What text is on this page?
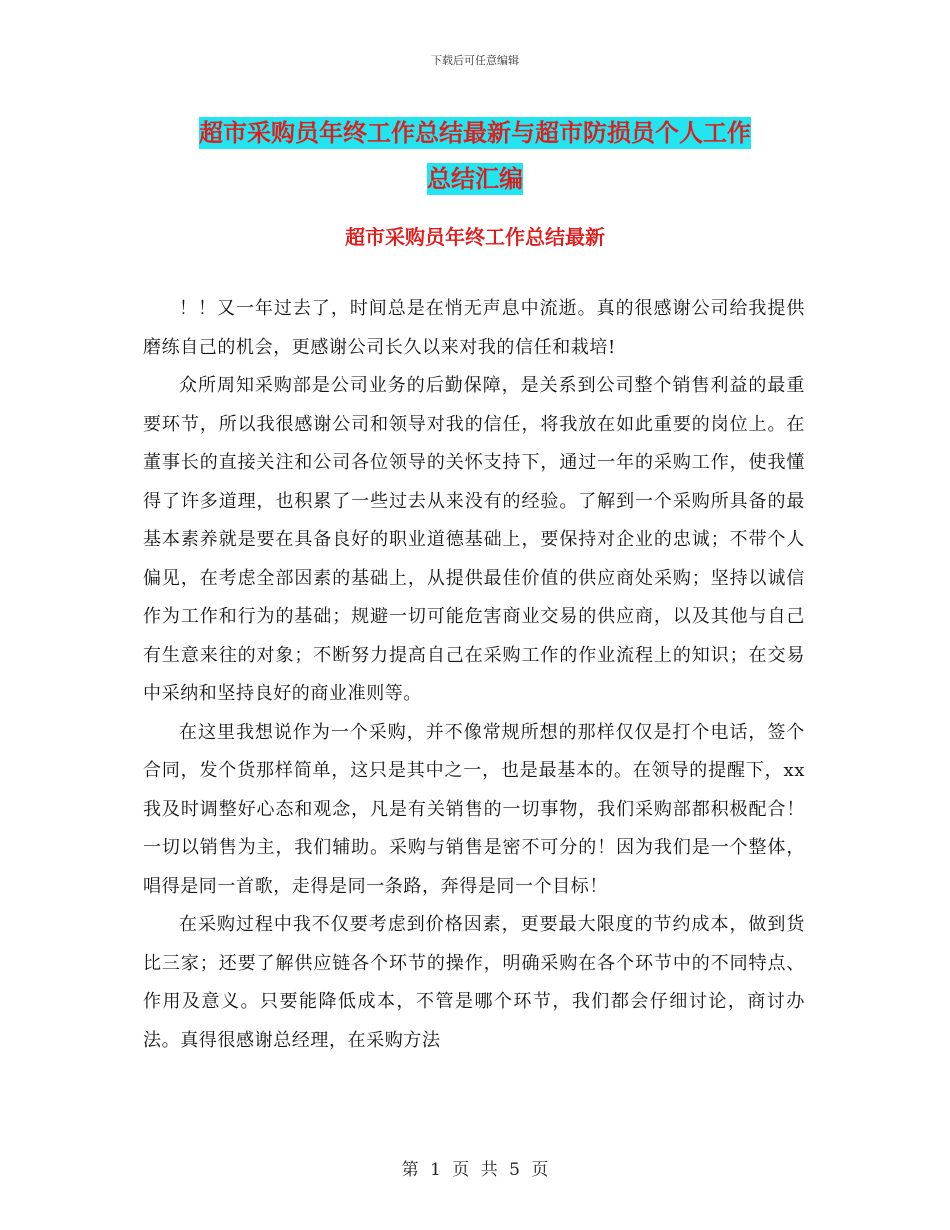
下载后可任意编辑
超市采购员年终工作总结最新与超市防损员个人工作
总结汇编
超市采购员年终工作总结最新

！！又一年过去了，时间总是在悄无声息中流逝。真的很感谢公司给我提供磨练自己的机会，更感谢公司长久以来对我的信任和栽培!

众所周知采购部是公司业务的后勤保障，是关系到公司整个销售利益的最重要环节，所以我很感谢公司和领导对我的信任，将我放在如此重要的岗位上。在董事长的直接关注和公司各位领导的关怀支持下，通过一年的采购工作，使我懂得了许多道理，也积累了一些过去从来没有的经验。了解到一个采购所具备的最基本素养就是要在具备良好的职业道德基础上，要保持对企业的忠诚；不带个人偏见，在考虑全部因素的基础上，从提供最佳价值的供应商处采购；坚持以诚信作为工作和行为的基础；规避一切可能危害商业交易的供应商，以及其他与自己有生意来往的对象；不断努力提高自己在采购工作的作业流程上的知识；在交易中采纳和坚持良好的商业准则等。

在这里我想说作为一个采购，并不像常规所想的那样仅仅是打个电话，签个合同，发个货那样简单，这只是其中之一，也是最基本的。在领导的提醒下，xx我及时调整好心态和观念，凡是有关销售的一切事物，我们采购部都积极配合！一切以销售为主，我们辅助。采购与销售是密不可分的！因为我们是一个整体，唱得是同一首歌，走得是同一条路，奔得是同一个目标！

在采购过程中我不仅要考虑到价格因素，更要最大限度的节约成本，做到货比三家；还要了解供应链各个环节的操作，明确采购在各个环节中的不同特点、作用及意义。只要能降低成本，不管是哪个环节，我们都会仔细讨论，商讨办法。真得很感谢总经理，在采购方法

第 1 页 共 5 页
